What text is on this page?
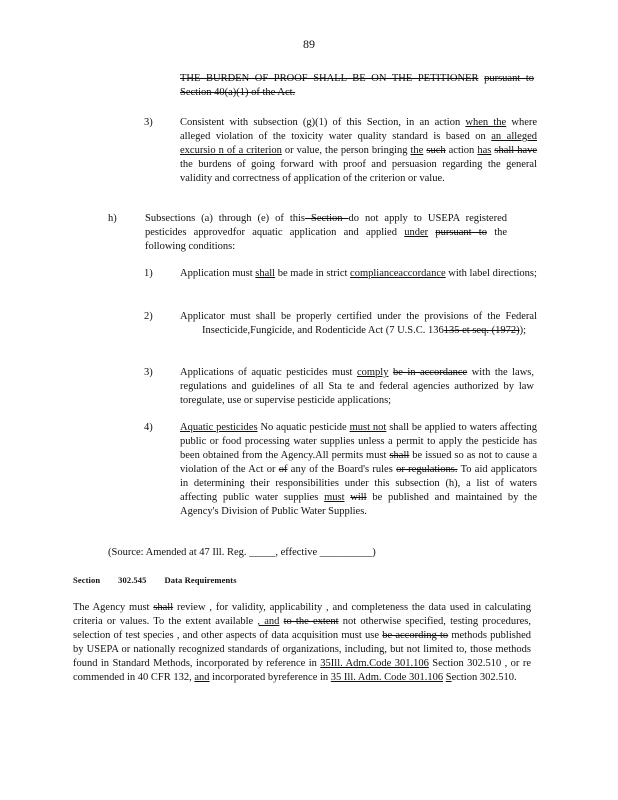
89
THE BURDEN OF PROOF SHALL BE ON THE PETITIONER pursuant to Section 40(a)(1) of the Act.
3)	Consistent with subsection (g)(1) of this Section, in an action when the where alleged violation of the toxicity water quality standard is based on an alleged excursio n of a criterion or value, the person bringing the such action has shall have the burdens of going forward with proof and persuasion regarding the general validity and correctness of application of the criterion or value.
h)	Subsections (a) through (e) of this Section do not apply to USEPA registered pesticides approvedfor aquatic application and applied under pursuant to the following conditions:
1)	Application must shall be made in strict complianceaccordance with label directions;
2)	Applicator must shall be properly certified under the provisions of the Federal Insecticide,Fungicide, and Rodenticide Act (7 U.S.C. 136135 et seq. (1972));
3)	Applications of aquatic pesticides must comply be in accordance with the laws, regulations and guidelines of all Sta te and federal agencies authorized by law toregulate, use or supervise pesticide applications;
4)	Aquatic pesticides No aquatic pesticide must not shall be applied to waters affecting public or food processing water supplies unless a permit to apply the pesticide has been obtained from the Agency.All permits must shall be issued so as not to cause a violation of the Act or of any of the Board's rules or regulations. To aid applicators in determining their responsibilities under this subsection (h), a list of waters affecting public water supplies must will be published and maintained by the Agency's Division of Public Water Supplies.
(Source: Amended at 47 Ill. Reg. _____, effective __________)
Section 302.545 Data Requirements
The Agency must shall review , for validity, applicability , and completeness the data used in calculating criteria or values. To the extent available , and to the extent not otherwise specified, testing procedures, selection of test species , and other aspects of data acquisition must use be according to methods published by USEPA or nationally recognized standards of organizations, including, but not limited to, those methods found in Standard Methods, incorporated by reference in 35Ill. Adm.Code 301.106 Section 302.510 , or re commended in 40 CFR 132, and incorporated byreference in 35 Ill. Adm. Code 301.106 Section 302.510.
